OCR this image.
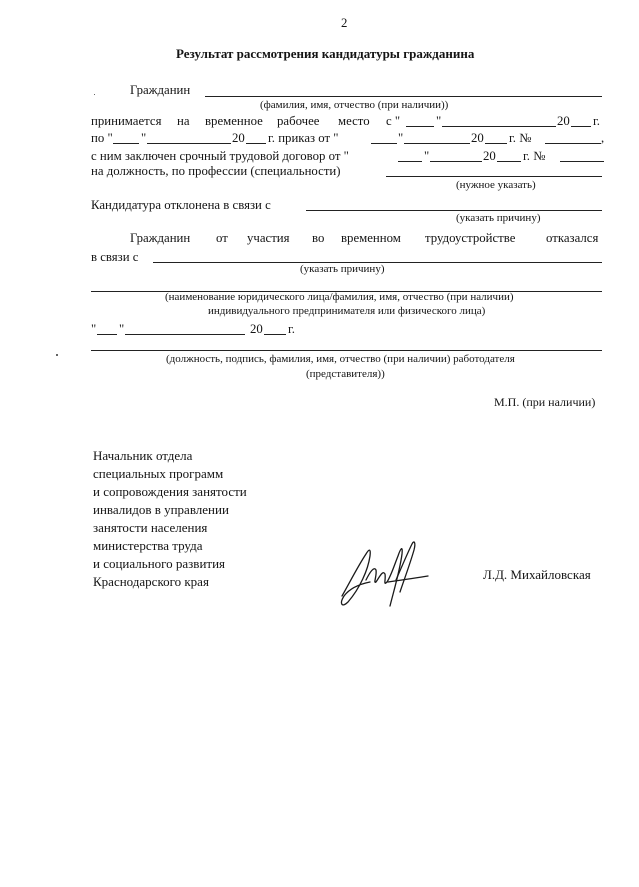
2
Результат рассмотрения кандидатуры гражданина
Гражданин
(фамилия, имя, отчество (при наличии))
принимается на временное рабочее место с "	"	20 г.
по " "	20 г. приказ от "	"	20 г. №	,
с ним заключен срочный трудовой договор от "	"	20 г. №
на должность, по профессии (специальности)
(нужное указать)
Кандидатура отклонена в связи с
(указать причину)
Гражданин от участия во временном трудоустройстве отказался
в связи с
(указать причину)
(наименование юридического лица/фамилия, имя, отчество (при наличии)
индивидуального предпринимателя или физического лица)
" "	20 г.
(должность, подпись, фамилия, имя, отчество (при наличии) работодателя
(представителя))
М.П. (при наличии)
Начальник отдела
специальных программ
и сопровождения занятости
инвалидов в управлении
занятости населения
министерства труда
и социального развития
Краснодарского края	Л.Д. Михайловская
